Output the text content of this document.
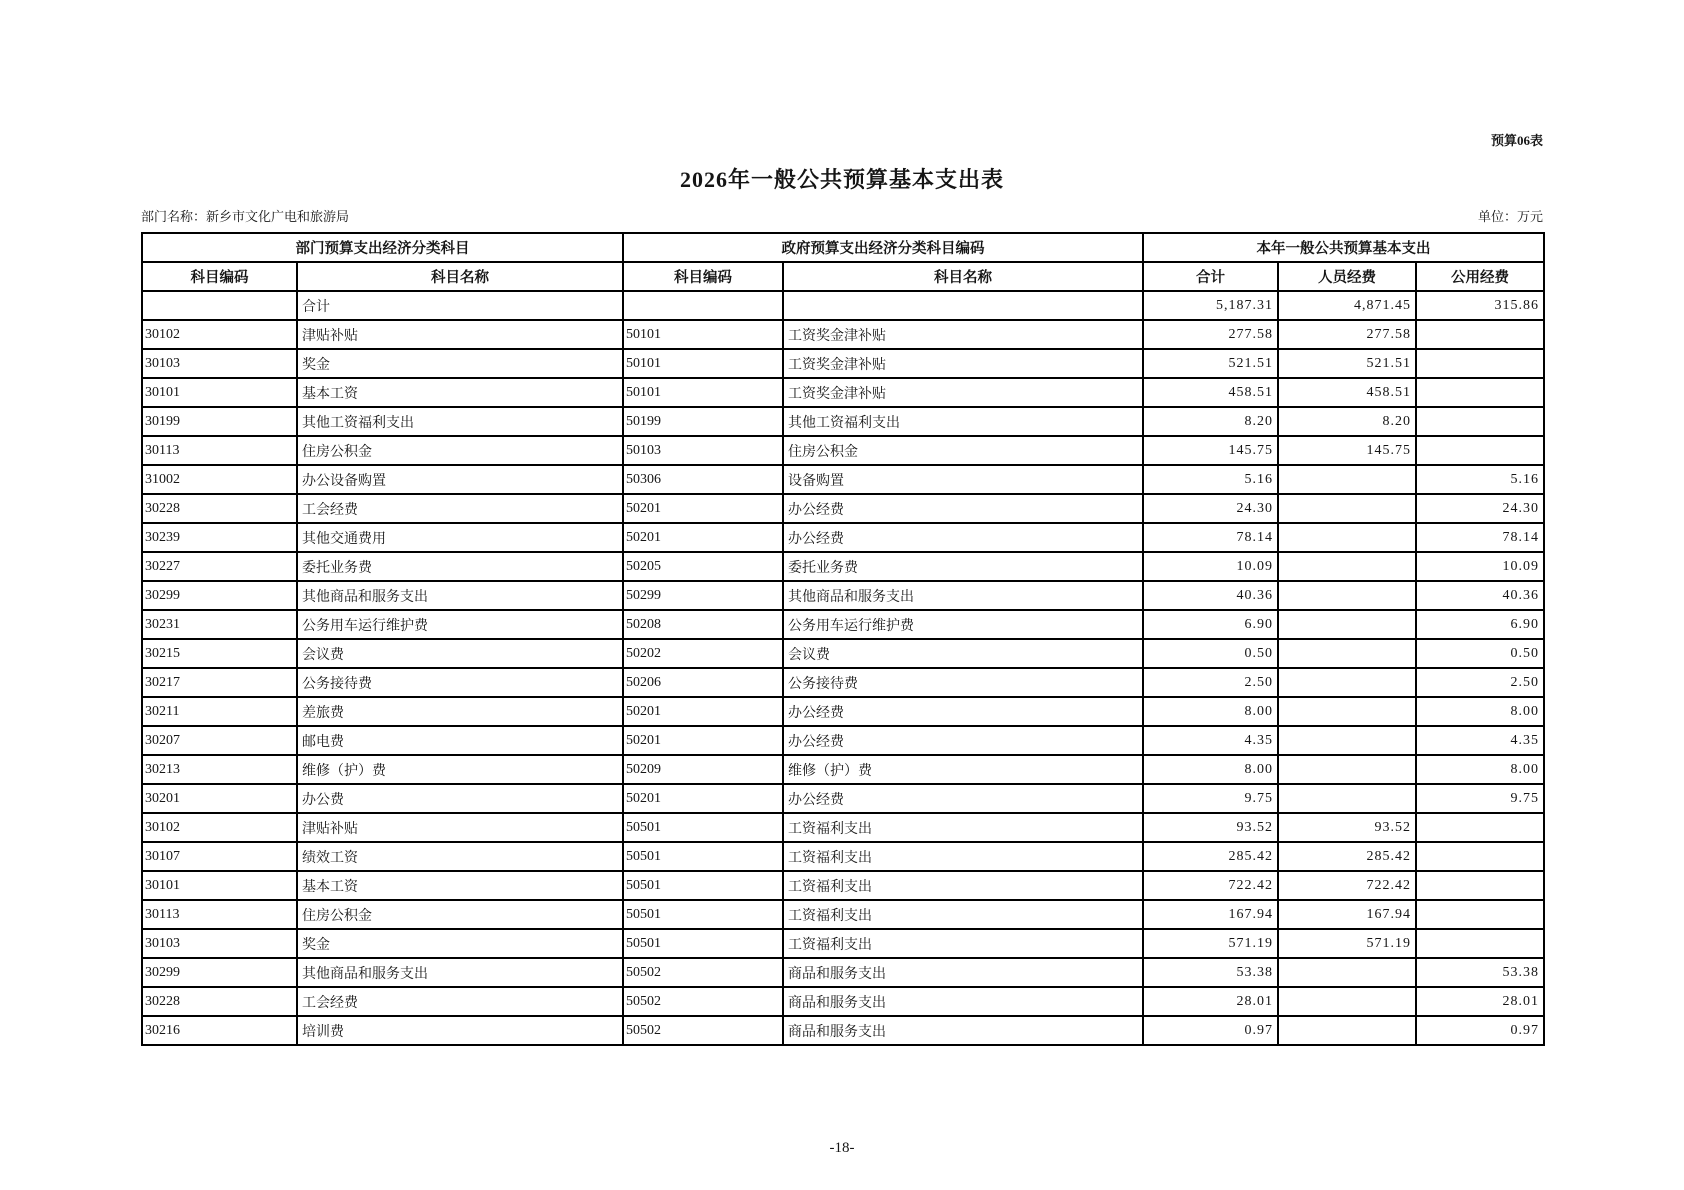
预算06表
2026年一般公共预算基本支出表
部门名称：新乡市文化广电和旅游局	单位：万元
部门预算支出经济分类科目		政府预算支出经济分类科目编码		本年一般公共预算基本支出		
科目编码	科目名称	科目编码	科目名称	合计	人员经费	公用经费
	合计			5,187.31	4,871.45	315.86
30102	津贴补贴	50101	工资奖金津补贴	277.58	277.58	
30103	奖金	50101	工资奖金津补贴	521.51	521.51	
30101	基本工资	50101	工资奖金津补贴	458.51	458.51	
30199	其他工资福利支出	50199	其他工资福利支出	8.20	8.20	
30113	住房公积金	50103	住房公积金	145.75	145.75	
31002	办公设备购置	50306	设备购置	5.16		5.16
30228	工会经费	50201	办公经费	24.30		24.30
30239	其他交通费用	50201	办公经费	78.14		78.14
30227	委托业务费	50205	委托业务费	10.09		10.09
30299	其他商品和服务支出	50299	其他商品和服务支出	40.36		40.36
30231	公务用车运行维护费	50208	公务用车运行维护费	6.90		6.90
30215	会议费	50202	会议费	0.50		0.50
30217	公务接待费	50206	公务接待费	2.50		2.50
30211	差旅费	50201	办公经费	8.00		8.00
30207	邮电费	50201	办公经费	4.35		4.35
30213	维修（护）费	50209	维修（护）费	8.00		8.00
30201	办公费	50201	办公经费	9.75		9.75
30102	津贴补贴	50501	工资福利支出	93.52	93.52	
30107	绩效工资	50501	工资福利支出	285.42	285.42	
30101	基本工资	50501	工资福利支出	722.42	722.42	
30113	住房公积金	50501	工资福利支出	167.94	167.94	
30103	奖金	50501	工资福利支出	571.19	571.19	
30299	其他商品和服务支出	50502	商品和服务支出	53.38		53.38
30228	工会经费	50502	商品和服务支出	28.01		28.01
30216	培训费	50502	商品和服务支出	0.97		0.97
-18-
